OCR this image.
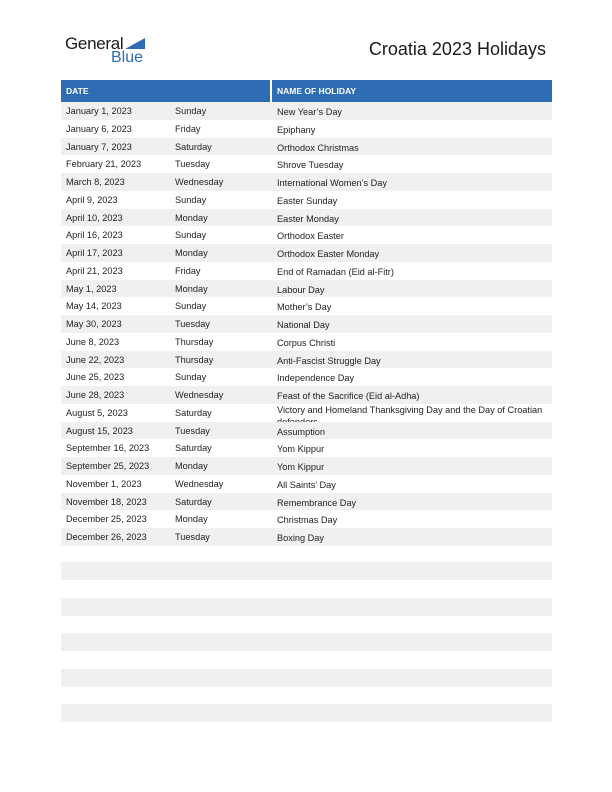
General
Blue	Croatia 2023 Holidays
DATE	NAME OF HOLIDAY
January 1, 2023	Sunday	New Year’s Day
January 6, 2023	Friday	Epiphany
January 7, 2023	Saturday	Orthodox Christmas
February 21, 2023	Tuesday	Shrove Tuesday
March 8, 2023	Wednesday	International Women’s Day
April 9, 2023	Sunday	Easter Sunday
April 10, 2023	Monday	Easter Monday
April 16, 2023	Sunday	Orthodox Easter
April 17, 2023	Monday	Orthodox Easter Monday
April 21, 2023	Friday	End of Ramadan (Eid al-Fitr)
May 1, 2023	Monday	Labour Day
May 14, 2023	Sunday	Mother’s Day
May 30, 2023	Tuesday	National Day
June 8, 2023	Thursday	Corpus Christi
June 22, 2023	Thursday	Anti-Fascist Struggle Day
June 25, 2023	Sunday	Independence Day
June 28, 2023	Wednesday	Feast of the Sacrifice (Eid al-Adha)
August 5, 2023	Saturday	Victory and Homeland Thanksgiving Day and the Day of Croatian
August 15, 2023	Tuesday	Assumption
September 16, 2023	Saturday	Yom Kippur
September 25, 2023	Monday	Yom Kippur
November 1, 2023	Wednesday	All Saints’ Day
November 18, 2023	Saturday	Remembrance Day
December 25, 2023	Monday	Christmas Day
December 26, 2023	Tuesday	Boxing Day
